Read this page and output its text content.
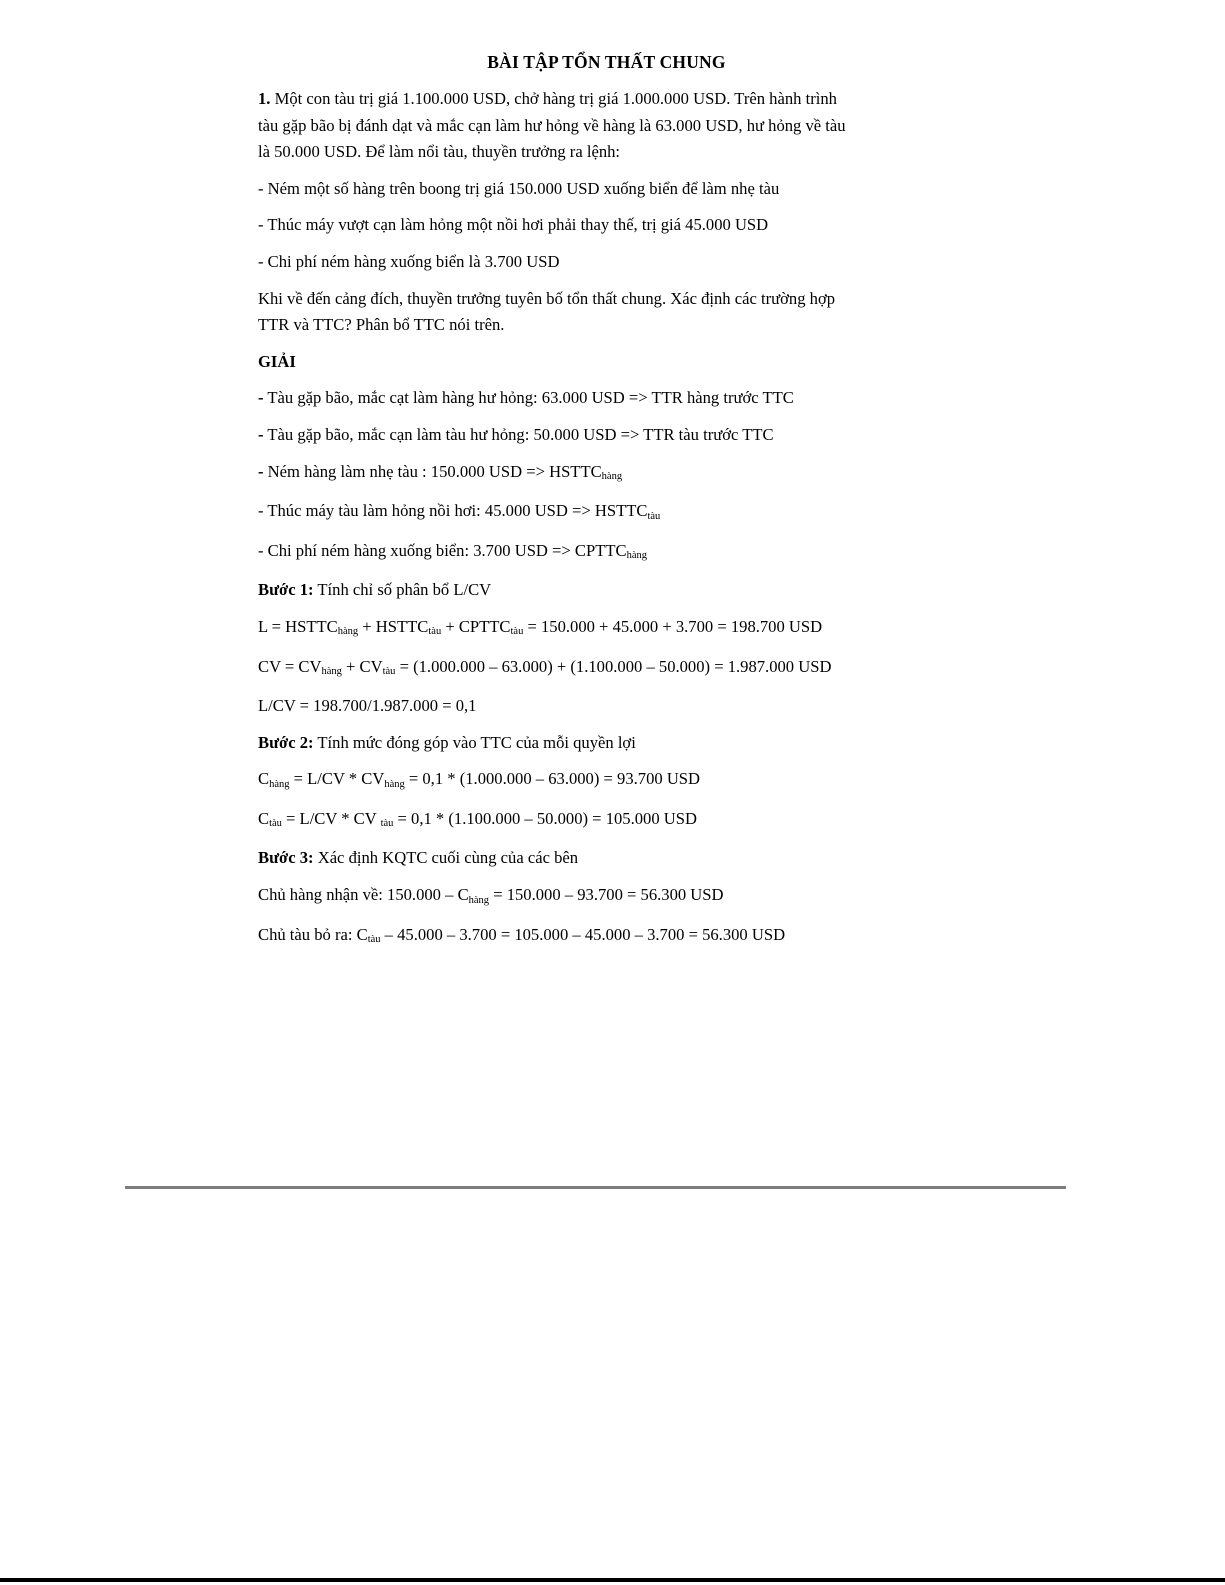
BÀI TẬP TỔN THẤT CHUNG

1. Một con tàu trị giá 1.100.000 USD, chở hàng trị giá 1.000.000 USD. Trên hành trình
tàu gặp bão bị đánh dạt và mắc cạn làm hư hỏng về hàng là 63.000 USD, hư hỏng về tàu
là 50.000 USD. Để làm nổi tàu, thuyền trưởng ra lệnh:

- Ném một số hàng trên boong trị giá 150.000 USD xuống biển để làm nhẹ tàu

- Thúc máy vượt cạn làm hỏng một nồi hơi phải thay thế, trị giá 45.000 USD

- Chi phí ném hàng xuống biển là 3.700 USD

Khi về đến cảng đích, thuyền trưởng tuyên bố tổn thất chung. Xác định các trường hợp
TTR và TTC? Phân bổ TTC nói trên.

GIẢI

- Tàu gặp bão, mắc cạt làm hàng hư hỏng: 63.000 USD => TTR hàng trước TTC

- Tàu gặp bão, mắc cạn làm tàu hư hỏng: 50.000 USD => TTR tàu trước TTC

- Ném hàng làm nhẹ tàu : 150.000 USD => HSTTChàng

- Thúc máy tàu làm hỏng nồi hơi: 45.000 USD => HSTTCtàu

- Chi phí ném hàng xuống biển: 3.700 USD => CPTTChàng

Bước 1: Tính chỉ số phân bổ L/CV

L = HSTTChàng + HSTTCtàu + CPTTCtàu = 150.000 + 45.000 + 3.700 = 198.700 USD

CV = CVhàng + CVtàu = (1.000.000 – 63.000) + (1.100.000 – 50.000) = 1.987.000 USD

L/CV = 198.700/1.987.000 = 0,1

Bước 2: Tính mức đóng góp vào TTC của mỗi quyền lợi

Chàng = L/CV * CVhàng = 0,1 * (1.000.000 – 63.000) = 93.700 USD

Ctàu = L/CV * CV tàu = 0,1 * (1.100.000 – 50.000) = 105.000 USD

Bước 3: Xác định KQTC cuối cùng của các bên

Chủ hàng nhận về: 150.000 – Chàng = 150.000 – 93.700 = 56.300 USD

Chủ tàu bỏ ra: Ctàu – 45.000 – 3.700 = 105.000 – 45.000 – 3.700 = 56.300 USD
